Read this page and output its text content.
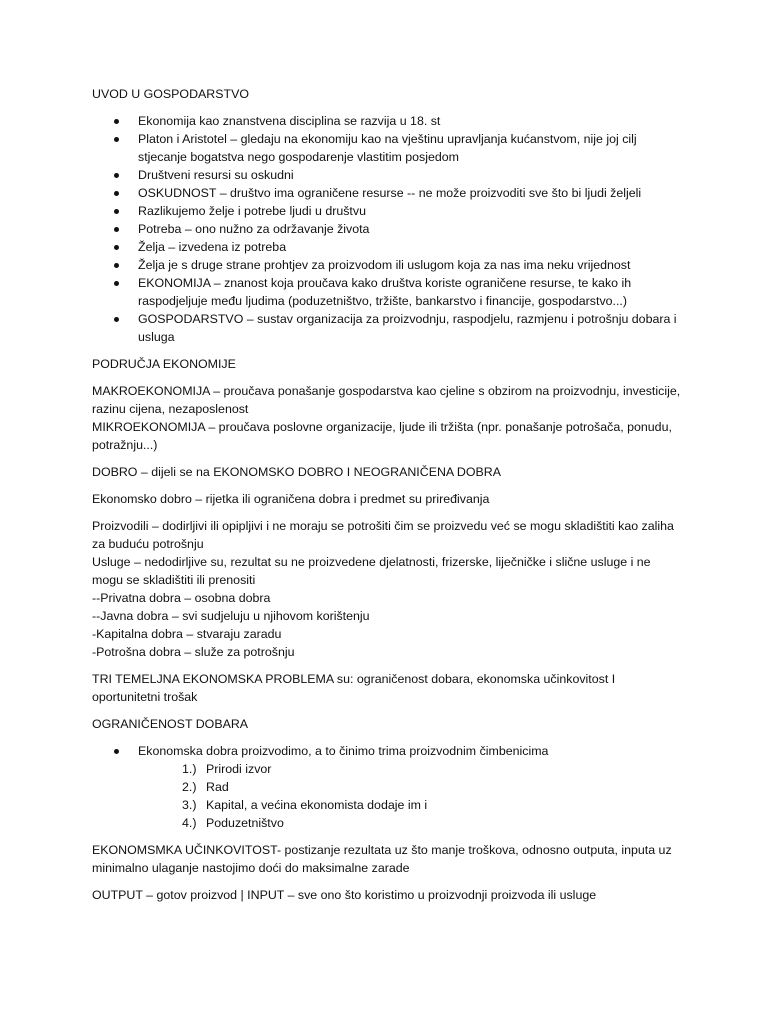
UVOD U GOSPODARSTVO
Ekonomija kao znanstvena disciplina se razvija u 18. st
Platon i Aristotel – gledaju na ekonomiju kao na vještinu upravljanja kućanstvom, nije joj cilj stjecanje bogatstva nego gospodarenje vlastitim posjedom
Društveni resursi su oskudni
OSKUDNOST – društvo ima ograničene resurse -- ne može proizvoditi sve što bi ljudi željeli
Razlikujemo želje i potrebe ljudi u društvu
Potreba – ono nužno za održavanje života
Želja – izvedena iz potreba
Želja je s druge strane prohtjev za proizvodom ili uslugom koja za nas ima neku vrijednost
EKONOMIJA – znanost koja proučava kako društva koriste ograničene resurse, te kako ih raspodjeljuje među ljudima (poduzetništvo, tržište, bankarstvo i financije, gospodarstvo...)
GOSPODARSTVO – sustav organizacija za proizvodnju, raspodjelu, razmjenu i potrošnju dobara i usluga
PODRUČJA EKONOMIJE

MAKROEKONOMIJA – proučava ponašanje gospodarstva kao cjeline s obzirom na proizvodnju, investicije, razinu cijena, nezaposlenost
MIKROEKONOMIJA – proučava poslovne organizacije, ljude ili tržišta (npr. ponašanje potrošača, ponudu, potražnju...)

DOBRO – dijeli se na EKONOMSKO DOBRO I NEOGRANIČENA DOBRA

Ekonomsko dobro – rijetka ili ograničena dobra i predmet su priređivanja

Proizvodili – dodirljivi ili opipljivi i ne moraju se potrošiti čim se proizvedu već se mogu skladištiti kao zaliha za buduću potrošnju
Usluge – nedodirljive su, rezultat su ne proizvedene djelatnosti, frizerske, liječničke i slične usluge i ne mogu se skladištiti ili prenositi
--Privatna dobra – osobna dobra
--Javna dobra – svi sudjeluju u njihovom korištenju
-Kapitalna dobra – stvaraju zaradu
-Potrošna dobra – služe za potrošnju

TRI TEMELJNA EKONOMSKA PROBLEMA su: ograničenost dobara, ekonomska učinkovitost I oportunitetni trošak

OGRANIČENOST DOBARA
Ekonomska dobra proizvodimo, a to činimo trima proizvodnim čimbenicima
1.) Prirodi izvor
2.) Rad
3.) Kapital, a većina ekonomista dodaje im i
4.) Poduzetništvo

EKONOMSMKA UČINKOVITOST- postizanje rezultata uz što manje troškova, odnosno outputa, inputa uz minimalno ulaganje nastojimo doći do maksimalne zarade

OUTPUT – gotov proizvod | INPUT – sve ono što koristimo u proizvodnji proizvoda ili usluge
